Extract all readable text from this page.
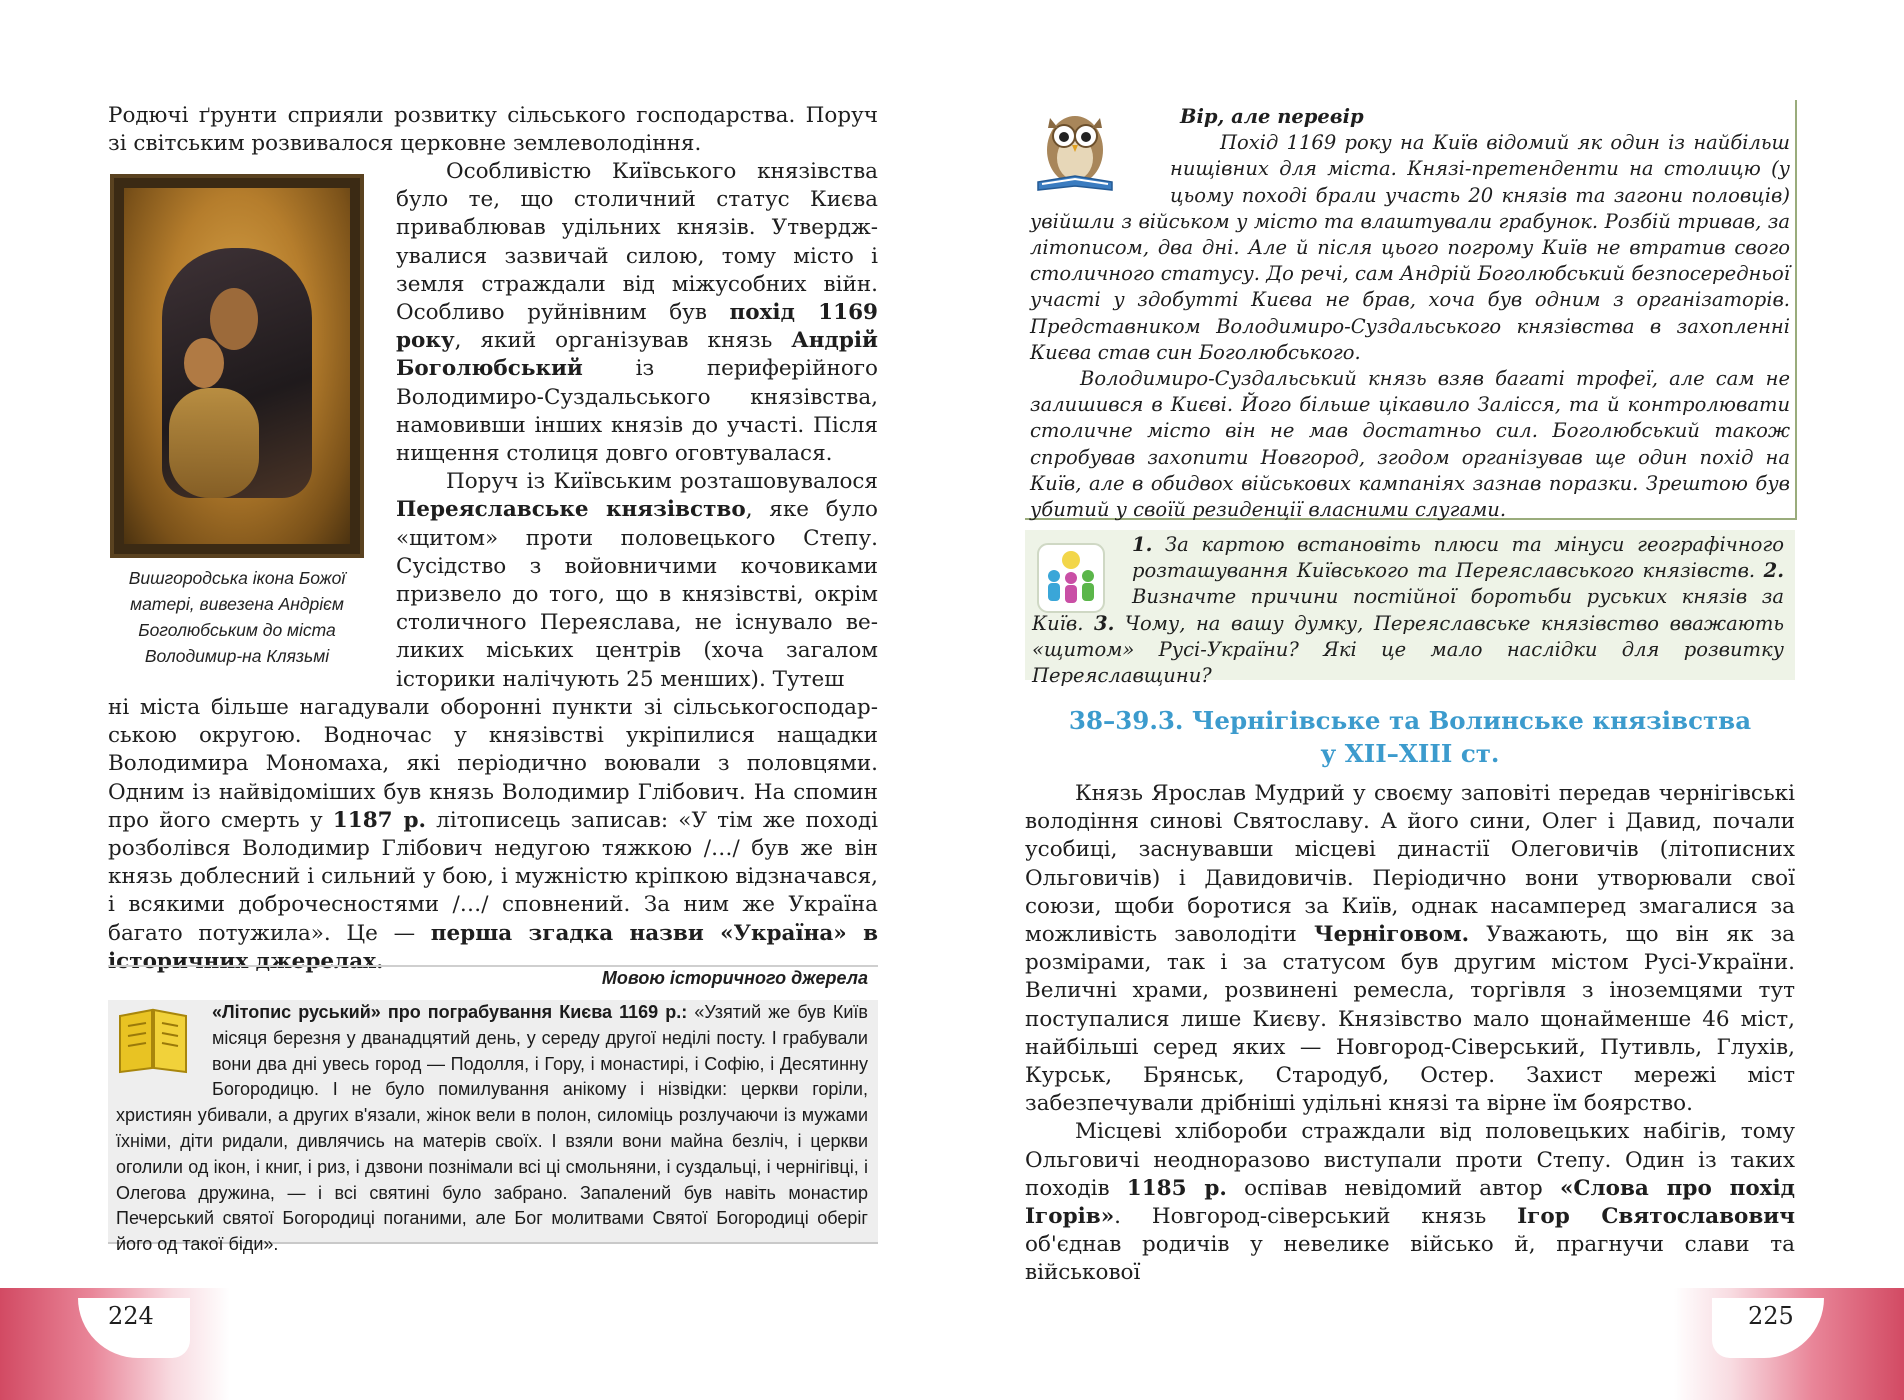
Родючі ґрунти сприяли розвитку сільського господарства. Поруч зі світським розвивалося церковне землеволодіння.
Вишгородська ікона Божої матері, вивезена Андрієм Боголюбським до міста Володимир-на Клязьмі

Особливістю Київського князівства було те, що столичний статус Києва приваблював удільних князів. Утверджувалися зазвичай силою, тому місто і земля страждали від міжусобних війн. Особливо руйнівним був похід 1169 року, який організував князь Андрій Боголюбський із периферійного Володимиро-Суздальського князівства, намовивши інших князів до участі. Після нищення столиця довго оговтувалася.

Поруч із Київським розташовувалося Переяславське князівство, яке було «щитом» проти половецького Степу. Сусідство з войовничими кочовиками призвело до того, що в князівстві, окрім столичного Переяслава, не існувало великих міських центрів (хоча загалом історики налічують 25 менших). Тутеш

ні міста більше нагадували оборонні пункти зі сільськогосподарською округою. Водночас у князівстві укріпилися нащадки Володимира Мономаха, які періодично воювали з половцями. Одним із найвідоміших був князь Володимир Глібович. На спомин про його смерть у 1187 р. літописець записав: «У тім же поході розболівся Володимир Глібович недугою тяжкою /…/ був же він князь доблесний і сильний у бою, і мужністю кріпкою відзначався, і всякими доброчесностями /…/ сповнений. За ним же Україна багато потужила». Це — перша згадка назви «Україна» в історичних джерелах.
Мовою історичного джерела
«Літопис руський» про пограбування Києва 1169 р.: «Узятий же був Київ місяця березня у дванадцятий день, у середу другої неділі посту. І грабували вони два дні увесь город — Подолля, і Гору, і монастирі, і Софію, і Десятинну Богородицю. І не було помилування анікому і нізвідки: церкви горіли, християн убивали, а других в'язали, жінок вели в полон, силоміць розлучаючи із мужами їхніми, діти ридали, дивлячись на матерів своїх. І взяли вони майна безліч, і церкви оголили од ікон, і книг, і риз, і дзвони познімали всі ці смольняни, і суздальці, і чернігівці, і Олегова дружина, — і всі святині було забрано. Запалений був навіть монастир Печерський святої Богородиці поганими, але Бог молитвами Святої Богородиці оберіг його од такої біди».
224
Вір, але перевір

Похід 1169 року на Київ відомий як один із найбільш нищівних для міста. Князі-претенденти на столицю (у цьому поході брали участь 20 князів та загони половців) увійшли з військом у місто та влаштували грабунок. Розбій тривав, за літописом, два дні. Але й після цього погрому Київ не втратив свого столичного статусу. До речі, сам Андрій Боголюбський безпосередньої участі у здобутті Києва не брав, хоча був одним з організаторів. Представником Володимиро-Суздальського князівства в захопленні Києва став син Боголюбського.

Володимиро-Суздальський князь взяв багаті трофеї, але сам не залишився в Києві. Його більше цікавило Залісся, та й контролювати столичне місто він не мав достатньо сил. Боголюбський також спробував захопити Новгород, згодом організував ще один похід на Київ, але в обидвох військових кампаніях зазнав поразки. Зрештою був убитий у своїй резиденції власними слугами.

1. За картою встановіть плюси та мінуси географічного розташування Київського та Переяславського князівств. 2. Визначте причини постійної боротьби руських князів за Київ. 3. Чому, на вашу думку, Переяславське князівство вважають «щитом» Русі-України? Які це мало наслідки для розвитку Переяславщини?
38–39.3. Чернігівське та Волинське князівства
у ХІІ–ХІІІ ст.

Князь Ярослав Мудрий у своєму заповіті передав чернігівські володіння синові Святославу. А його сини, Олег і Давид, почали усобиці, заснувавши місцеві династії Олеговичів (літописних Ольговичів) і Давидовичів. Періодично вони утворювали свої союзи, щоби боротися за Київ, однак насамперед змагалися за можливість заволодіти Черніговом. Уважають, що він як за розмірами, так і за статусом був другим містом Русі-України. Величні храми, розвинені ремесла, торгівля з іноземцями тут поступалися лише Києву. Князівство мало щонайменше 46 міст, найбільші серед яких — Новгород-Сіверський, Путивль, Глухів, Курськ, Брянськ, Стародуб, Остер. Захист мережі міст забезпечували дрібніші удільні князі та вірне їм боярство.

Місцеві хлібороби страждали від половецьких набігів, тому Ольговичі неодноразово виступали проти Степу. Один із таких походів 1185 р. оспівав невідомий автор «Слова про похід Ігорів». Новгород-сіверський князь Ігор Святославович об'єднав родичів у невелике військо й, прагнучи слави та військової

225
